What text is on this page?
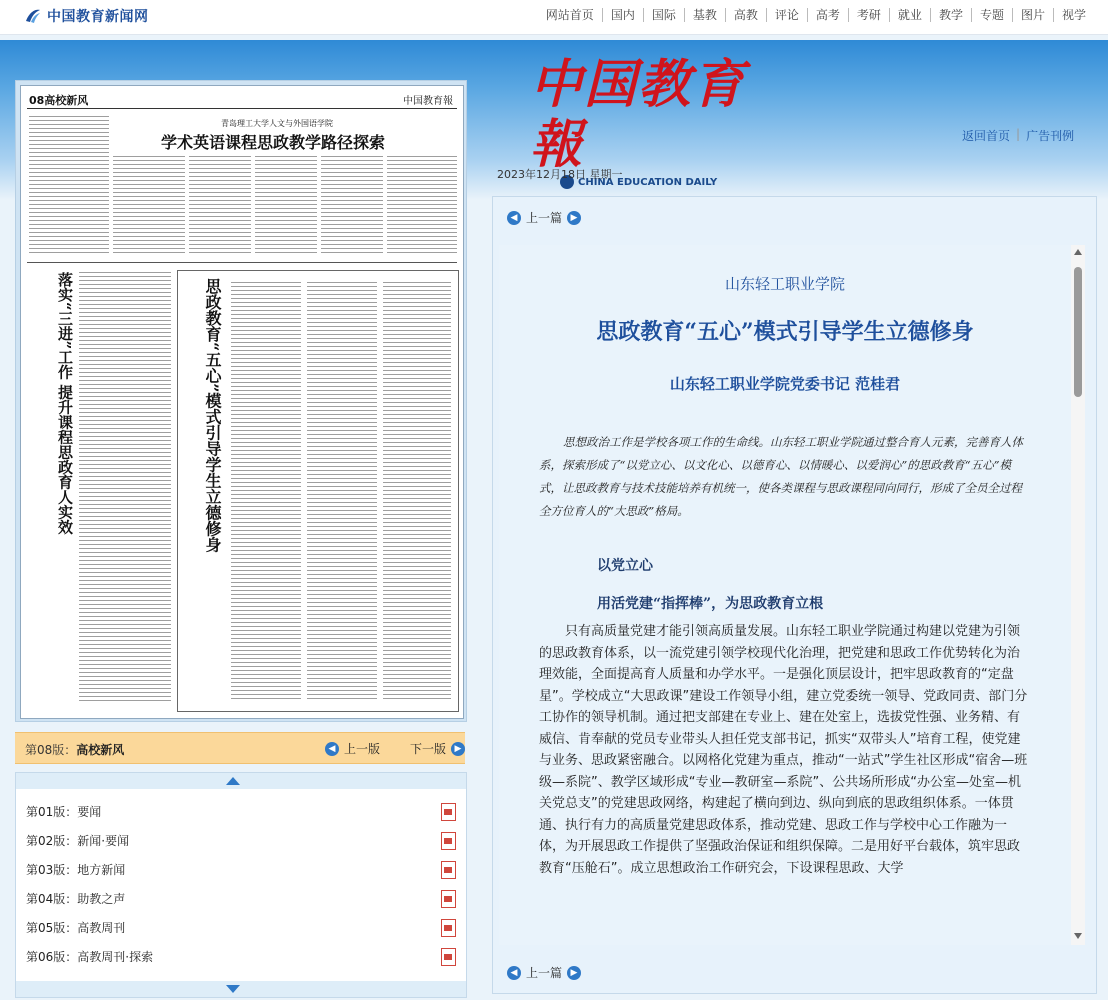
中国教育新闻网	网站首页	国内	国际	基教	高教	评论	高考	考研	就业	教学	专题	图片	视学
中国教育報
CHINA EDUCATION DAILY
返回首页 | 广告刊例
2023年12月18日 星期一
08高校新风	中国教育報
青岛理工大学人文与外国语学院
学术英语课程思政教学路径探索
落实“三进”工作 提升课程思政育人实效	思政教育“五心”模式引导学生立德修身
第08版：高校新风	◀ 上一版 下一版 ▶
第01版：要闻
第02版：新闻·要闻
第03版：地方新闻
第04版：助教之声
第05版：高教周刊
第06版：高教周刊·探索
◀ 上一篇 ▶
山东轻工职业学院
思政教育“五心”模式引导学生立德修身
山东轻工职业学院党委书记 范桂君
思想政治工作是学校各项工作的生命线。山东轻工职业学院通过整合育人元素，完善育人体系，探索形成了“以党立心、以文化心、以德育心、以情暖心、以爱润心”的思政教育“五心”模式，让思政教育与技术技能培养有机统一，使各类课程与思政课程同向同行，形成了全员全过程全方位育人的“大思政”格局。
以党立心
用活党建“指挥棒”，为思政教育立根
只有高质量党建才能引领高质量发展。山东轻工职业学院通过构建以党建为引领的思政教育体系，以一流党建引领学校现代化治理，把党建和思政工作优势转化为治理效能，全面提高育人质量和办学水平。一是强化顶层设计，把牢思政教育的“定盘星”。学校成立“大思政课”建设工作领导小组，建立党委统一领导、党政同责、部门分工协作的领导机制。通过把支部建在专业上、建在处室上，选拔党性强、业务精、有威信、肯奉献的党员专业带头人担任党支部书记，抓实“双带头人”培育工程，使党建与业务、思政紧密融合。以网格化党建为重点，推动“一站式”学生社区形成“宿舍—班级—系院”、教学区域形成“专业—教研室—系院”、公共场所形成“办公室—处室—机关党总支”的党建思政网络，构建起了横向到边、纵向到底的思政组织体系。一体贯通、执行有力的高质量党建思政体系，推动党建、思政工作与学校中心工作融为一体，为开展思政工作提供了坚强政治保证和组织保障。二是用好平台载体，筑牢思政教育“压舱石”。成立思想政治工作研究会，下设课程思政、大学
◀ 上一篇 ▶
